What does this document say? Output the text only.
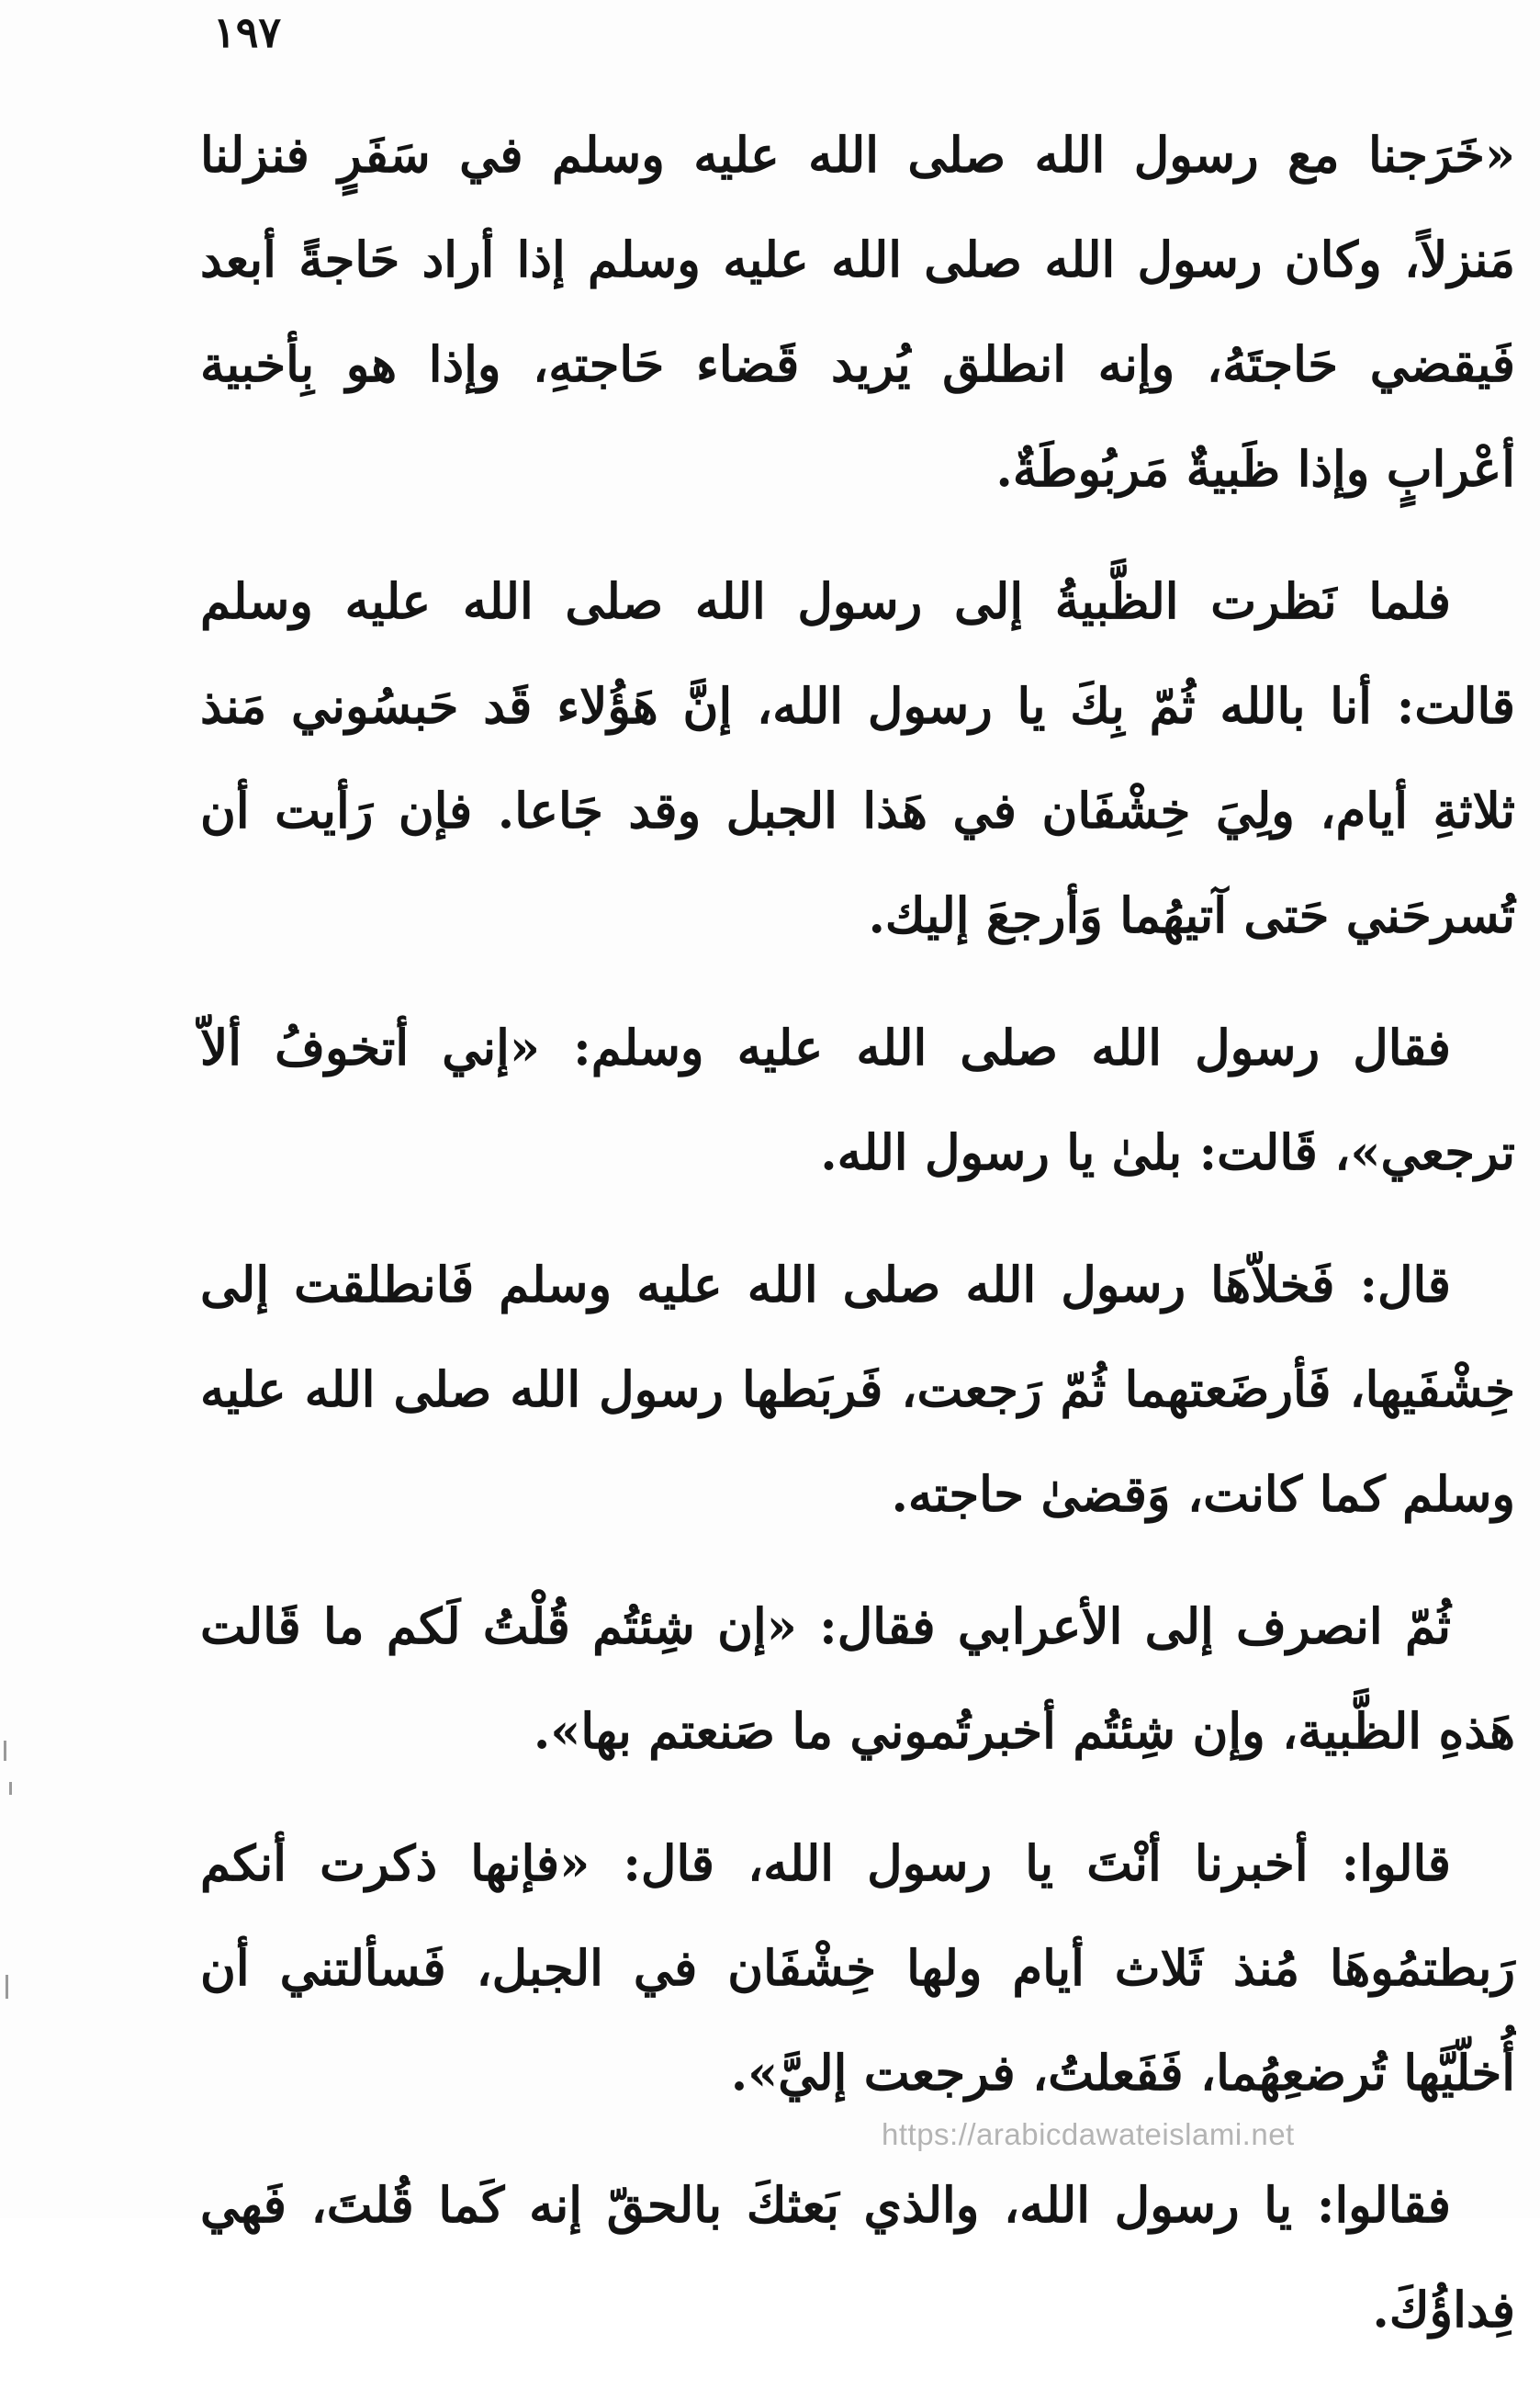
١٩٧

«خَرَجنا مع رسول الله صلى الله عليه وسلم في سَفَرٍ فنزلنا مَنزلاً، وكان رسول الله صلى الله عليه وسلم إذا أراد حَاجةً أبعد فَيقضي حَاجتَهُ، وإنه انطلق يُريد قَضاء حَاجتهِ، وإذا هو بِأخبية أعْرابٍ وإذا ظَبيةٌ مَربُوطَةٌ.

فلما نَظرت الظَّبيةُ إلى رسول الله صلى الله عليه وسلم قالت: أنا بالله ثُمّ بِكَ يا رسول الله، إنَّ هَؤُلاء قَد حَبسُوني مَنذ ثلاثةِ أيام، ولِيَ خِشْفَان في هَذا الجبل وقد جَاعا. فإن رَأيت أن تُسرحَني حَتى آتيهُما وَأرجعَ إليك.

فقال رسول الله صلى الله عليه وسلم: «إني أتخوفُ ألاّ ترجعي»، قَالت: بلىٰ يا رسول الله.

قال: فَخلاّهَا رسول الله صلى الله عليه وسلم فَانطلقت إلى خِشْفَيها، فَأرضَعتهما ثُمّ رَجعت، فَربَطها رسول الله صلى الله عليه وسلم كما كانت، وَقضىٰ حاجته.

ثُمّ انصرف إلى الأعرابي فقال: «إن شِئتُم قُلْتُ لَكم ما قَالت هَذهِ الظَّبية، وإن شِئتُم أخبرتُموني ما صَنعتم بها».

قالوا: أخبرنا أنْتَ يا رسول الله، قال: «فإنها ذكرت أنكم رَبطتمُوهَا مُنذ ثَلاث أيام ولها خِشْفَان في الجبل، فَسألتني أن أُخلّيَّها تُرضعِهُما، فَفَعلتُ، فرجعت إليَّ».

فقالوا: يا رسول الله، والذي بَعثكَ بالحقّ إنه كَما قُلتَ، فَهي فِداؤُكَ.

https://arabicdawateislami.net
